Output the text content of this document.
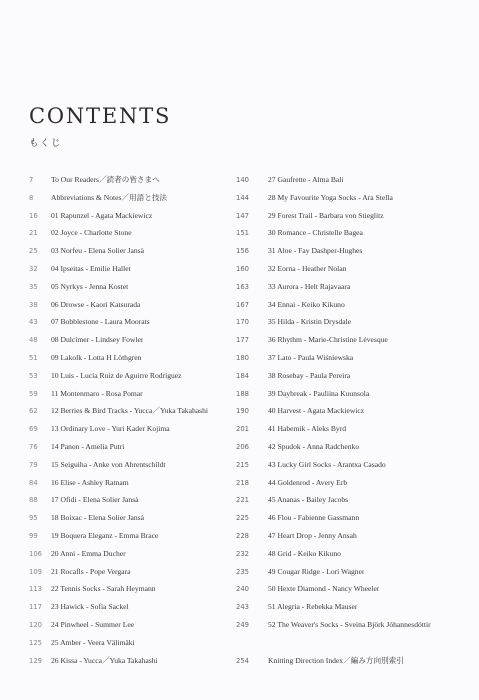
CONTENTS
もくじ
7 To Our Readers／読者の皆さまへ
8 Abbreviations & Notes／用語と技法
16 01 Rapunzel - Agata Mackiewicz
21 02 Joyce - Charlotte Stone
25 03 Norfeu - Elena Solier Jansà
32 04 Ipseitas - Emilie Hallet
35 05 Nyrkys - Jenna Kostet
38 06 Drowse - Kaori Katsurada
43 07 Bobblestone - Laura Moorats
48 08 Dulcimer - Lindsey Fowler
51 09 Lakolk - Lotta H Löthgren
53 10 Luis - Lucía Ruiz de Aguirre Rodríguez
59 11 Montenmaro - Rosa Pomar
62 12 Berries & Bird Tracks - Yucca／Yuka Takahashi
69 13 Ordinary Love - Yuri Kader Kojima
76 14 Panon - Amelia Putri
79 15 Seiguiha - Anke von Ahrentschildt
84 16 Elise - Ashley Ratnam
88 17 Ofidi - Elena Solier Jansà
95 18 Boixac - Elena Solier Jansà
99 19 Boquera Eleganz - Emma Brace
106 20 Anni - Emma Ducher
109 21 Rocafls - Pope Vergara
113 22 Tennis Socks - Sarah Heymann
117 23 Hawick - Sofia Sackel
120 24 Pinwheel - Summer Lee
125 25 Amber - Veera Välimäki
129 26 Kissa - Yucca／Yuka Takahashi
140	27 Gaufrette - Alma Bali
144	28 My Favourite Yoga Socks - Ara Stella
147	29 Forest Trail - Barbara von Stieglitz
151	30 Romance - Christelle Bagea
156	31 Aloe - Fay Dashper-Hughes
160	32 Eorna - Heather Nolan
163	33 Aurora - Helt Rajavaara
167	34 Ennai - Keiko Kikuno
170	35 Hilda - Kristin Drysdale
177	36 Rhythm - Marie-Christine Lévesque
180	37 Lato - Paula Wiśniewska
184	38 Rosebay - Paula Pereira
188	39 Daybreak - Pauliina Kuunsola
190	40 Harvest - Agata Mackiewicz
201	41 Habemik - Aleks Byrd
206	42 Spudok - Anna Radchenko
215	43 Lucky Girl Socks - Arantxa Casado
218	44 Goldenrod - Avery Erb
221	45 Ananas - Bailey Jacobs
225	46 Flou - Fabienne Gassmann
228	47 Heart Drop - Jenny Ansah
232	48 Grid - Keiko Kikuno
235	49 Cougar Ridge - Lori Wagner
240	50 Hexte Diamond - Nancy Wheeler
243	51 Alegria - Rebekka Mauser
249	52 The Weaver's Socks - Sveina Björk Jóhannesdóttir
254	Knitting Direction Index／編み方向別索引
